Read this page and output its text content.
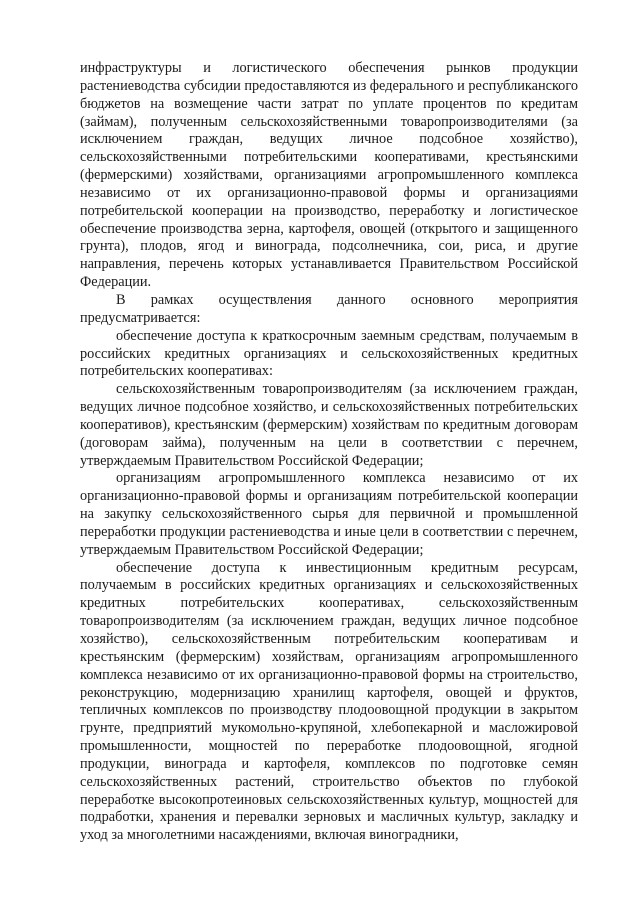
инфраструктуры и логистического обеспечения рынков продукции растениеводства субсидии предоставляются из федерального и республиканского бюджетов на возмещение части затрат по уплате процентов по кредитам (займам), полученным сельскохозяйственными товаропроизводителями (за исключением граждан, ведущих личное подсобное хозяйство), сельскохозяйственными потребительскими кооперативами, крестьянскими (фермерскими) хозяйствами, организациями агропромышленного комплекса независимо от их организационно-правовой формы и организациями потребительской кооперации на производство, переработку и логистическое обеспечение производства зерна, картофеля, овощей (открытого и защищенного грунта), плодов, ягод и винограда, подсолнечника, сои, риса, и другие направления, перечень которых устанавливается Правительством Российской Федерации.

В рамках осуществления данного основного мероприятия предусматривается:

обеспечение доступа к краткосрочным заемным средствам, получаемым в российских кредитных организациях и сельскохозяйственных кредитных потребительских кооперативах:

сельскохозяйственным товаропроизводителям (за исключением граждан, ведущих личное подсобное хозяйство, и сельскохозяйственных потребительских кооперативов), крестьянским (фермерским) хозяйствам по кредитным договорам (договорам займа), полученным на цели в соответствии с перечнем, утверждаемым Правительством Российской Федерации;

организациям агропромышленного комплекса независимо от их организационно-правовой формы и организациям потребительской кооперации на закупку сельскохозяйственного сырья для первичной и промышленной переработки продукции растениеводства и иные цели в соответствии с перечнем, утверждаемым Правительством Российской Федерации;

обеспечение доступа к инвестиционным кредитным ресурсам, получаемым в российских кредитных организациях и сельскохозяйственных кредитных потребительских кооперативах, сельскохозяйственным товаропроизводителям (за исключением граждан, ведущих личное подсобное хозяйство), сельскохозяйственным потребительским кооперативам и крестьянским (фермерским) хозяйствам, организациям агропромышленного комплекса независимо от их организационно-правовой формы на строительство, реконструкцию, модернизацию хранилищ картофеля, овощей и фруктов, тепличных комплексов по производству плодоовощной продукции в закрытом грунте, предприятий мукомольно-крупяной, хлебопекарной и масложировой промышленности, мощностей по переработке плодоовощной, ягодной продукции, винограда и картофеля, комплексов по подготовке семян сельскохозяйственных растений, строительство объектов по глубокой переработке высокопротеиновых сельскохозяйственных культур, мощностей для подработки, хранения и перевалки зерновых и масличных культур, закладку и уход за многолетними насаждениями, включая виноградники,
